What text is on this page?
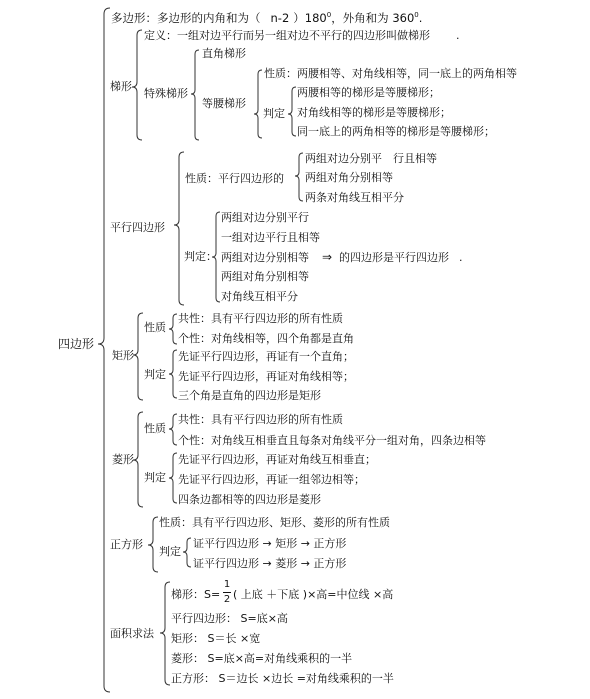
四边形
多边形：多边形的内角和为（ n-2 ）$180^0$，外角和为 $360^0$.
梯形
定义：一组对边平行而另一组对边不平行的四边形叫做梯形 .
特殊梯形
直角梯形
等腰梯形
性质：两腰相等、对角线相等，同一底上的两角相等
判定
两腰相等的梯形是等腰梯形；
对角线相等的梯形是等腰梯形；
同一底上的两角相等的梯形是等腰梯形；
平行四边形
性质：平行四边形的
两组对边分别平　行且相等
两组对角分别相等
两条对角线互相平分
判定：
两组对边分别平行
一组对边平行且相等
两组对边分别相等
两组对角分别相等
对角线互相平分
⇒ 的四边形是平行四边形 .
矩形
性质
共性：具有平行四边形的所有性质
个性：对角线相等，四个角都是直角
判定
先证平行四边形，再证有一个直角；
先证平行四边形，再证对角线相等；
三个角是直角的四边形是矩形
菱形
性质
共性：具有平行四边形的所有性质
个性：对角线互相垂直且每条对角线平分一组对角，四条边相等
判定
先证平行四边形，再证对角线互相垂直；
先证平行四边形，再证一组邻边相等；
四条边都相等的四边形是菱形
正方形
性质：具有平行四边形、矩形、菱形的所有性质
判定
证平行四边形 → 矩形 → 正方形
证平行四边形 → 菱形 → 正方形
面积求法
梯形：S=
1
2 ( 上底 ＋下底 )×高=中位线 ×高
平行四边形： S=底×高
矩形： S＝长 ×宽
菱形： S=底×高=对角线乘积的一半
正方形： S＝边长 ×边长 =对角线乘积的一半
